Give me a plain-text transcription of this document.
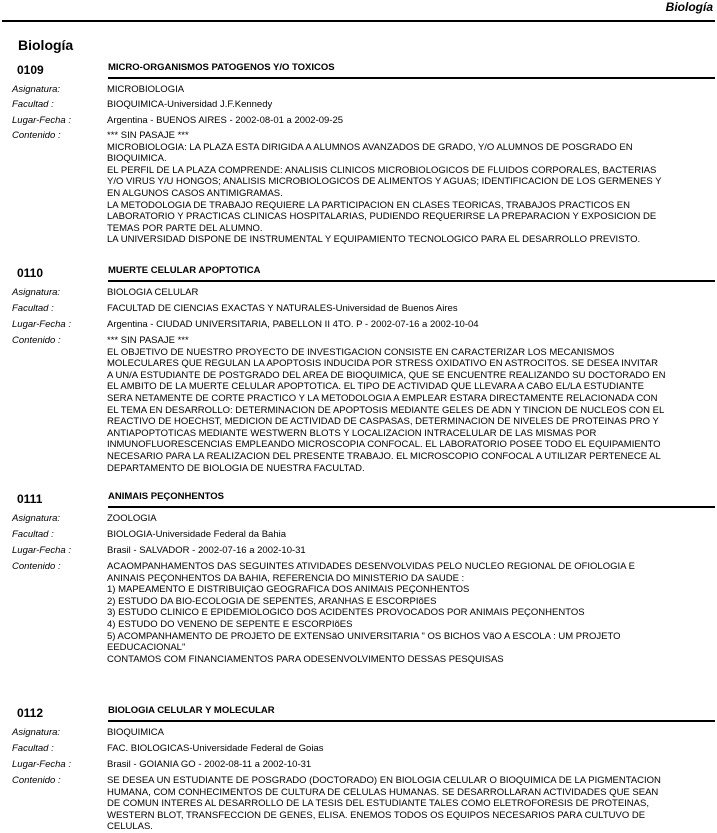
Biología
Biología
0109	MICRO-ORGANISMOS PATOGENOS Y/O TOXICOS
Asignatura:	MICROBIOLOGIA
Facultad :	BIOQUIMICA-Universidad J.F.Kennedy
Lugar-Fecha :	Argentina - BUENOS AIRES - 2002-08-01 a 2002-09-25
Contenido :	*** SIN PASAJE ***
MICROBIOLOGIA: LA PLAZA ESTA DIRIGIDA A ALUMNOS AVANZADOS DE GRADO, Y/O ALUMNOS DE POSGRADO EN
BIOQUIMICA.
EL PERFIL DE LA PLAZA COMPRENDE: ANALISIS CLINICOS MICROBIOLOGICOS DE FLUIDOS CORPORALES, BACTERIAS
Y/O VIRUS Y/U HONGOS; ANALISIS MICROBIOLOGICOS DE ALIMENTOS Y AGUAS; IDENTIFICACION DE LOS GERMENES Y
EN ALGUNOS CASOS ANTIMIGRAMAS.
LA METODOLOGIA DE TRABAJO REQUIERE LA PARTICIPACION EN CLASES TEORICAS, TRABAJOS PRACTICOS EN
LABORATORIO Y PRACTICAS CLINICAS HOSPITALARIAS, PUDIENDO REQUERIRSE LA PREPARACION Y EXPOSICION DE
TEMAS POR PARTE DEL ALUMNO.
LA UNIVERSIDAD DISPONE DE INSTRUMENTAL Y EQUIPAMIENTO TECNOLOGICO PARA EL DESARROLLO PREVISTO.
0110	MUERTE CELULAR APOPTOTICA
Asignatura:	BIOLOGIA CELULAR
Facultad :	FACULTAD DE CIENCIAS EXACTAS Y NATURALES-Universidad de Buenos Aires
Lugar-Fecha :	Argentina - CIUDAD UNIVERSITARIA, PABELLON II 4TO. P - 2002-07-16 a 2002-10-04
Contenido :	*** SIN PASAJE ***
EL OBJETIVO DE NUESTRO PROYECTO DE INVESTIGACION CONSISTE EN CARACTERIZAR LOS MECANISMOS
MOLECULARES QUE REGULAN LA APOPTOSIS INDUCIDA POR STRESS OXIDATIVO EN ASTROCITOS. SE DESEA INVITAR
A UN/A ESTUDIANTE DE POSTGRADO DEL AREA DE BIOQUIMICA, QUE SE ENCUENTRE REALIZANDO SU DOCTORADO EN
EL AMBITO DE LA MUERTE CELULAR APOPTOTICA. EL TIPO DE ACTIVIDAD QUE LLEVARA A CABO EL/LA ESTUDIANTE
SERA NETAMENTE DE CORTE PRACTICO Y LA METODOLOGIA A EMPLEAR ESTARA DIRECTAMENTE RELACIONADA CON
EL TEMA EN DESARROLLO: DETERMINACION DE APOPTOSIS MEDIANTE GELES DE ADN Y TINCION DE NUCLEOS CON EL
REACTIVO DE HOECHST, MEDICION DE ACTIVIDAD DE CASPASAS, DETERMINACION DE NIVELES DE PROTEINAS PRO Y
ANTIAPOPTOTICAS MEDIANTE WESTWERN BLOTS Y LOCALIZACION INTRACELULAR DE LAS MISMAS POR
INMUNOFLUORESCENCIAS EMPLEANDO MICROSCOPIA CONFOCAL. EL LABORATORIO POSEE TODO EL EQUIPAMIENTO
NECESARIO PARA LA REALIZACION DEL PRESENTE TRABAJO. EL MICROSCOPIO CONFOCAL A UTILIZAR PERTENECE AL
DEPARTAMENTO DE BIOLOGIA DE NUESTRA FACULTAD.
0111	ANIMAIS PEÇONHENTOS
Asignatura:	ZOOLOGIA
Facultad :	BIOLOGIA-Universidade Federal da Bahia
Lugar-Fecha :	Brasil - SALVADOR - 2002-07-16 a 2002-10-31
Contenido :	ACAOMPANHAMENTOS DAS SEGUINTES ATIVIDADES DESENVOLVIDAS PELO NUCLEO REGIONAL DE OFIOLOGIA E
ANINAIS PEÇONHENTOS DA BAHIA, REFERENCIA DO MINISTERIO DA SAUDE :
1) MAPEAMENTO E DISTRIBUIÇãO GEOGRAFICA DOS ANIMAIS PEÇONHENTOS
2) ESTUDO DA BIO-ECOLOGIA DE SEPENTES, ARANHAS E ESCORPIõES
3) ESTUDO CLINICO E EPIDEMIOLOGICO DOS ACIDENTES PROVOCADOS POR ANIMAIS PEÇONHENTOS
4) ESTUDO DO VENENO DE SEPENTE E ESCORPIõES
5) ACOMPANHAMENTO DE PROJETO DE EXTENSãO UNIVERSITARIA " OS BICHOS VãO A ESCOLA : UM PROJETO
EEDUCACIONAL"
CONTAMOS COM FINANCIAMENTOS PARA ODESENVOLVIMENTO DESSAS PESQUISAS
0112	BIOLOGIA CELULAR Y MOLECULAR
Asignatura:	BIOQUIMICA
Facultad :	FAC. BIOLOGICAS-Universidade Federal de Goias
Lugar-Fecha :	Brasil - GOIANIA GO - 2002-08-11 a 2002-10-31
Contenido :	SE DESEA UN ESTUDIANTE DE POSGRADO (DOCTORADO) EN BIOLOGIA CELULAR O BIOQUIMICA DE LA PIGMENTACION
HUMANA, COM CONHECIMENTOS DE CULTURA DE CELULAS HUMANAS. SE DESARROLLARAN ACTIVIDADES QUE SEAN
DE COMUN INTERES AL DESARROLLO DE LA TESIS DEL ESTUDIANTE TALES COMO ELETROFORESIS DE PROTEINAS,
WESTERN BLOT, TRANSFECCION DE GENES, ELISA. ENEMOS TODOS OS EQUIPOS NECESARIOS PARA CULTUVO DE
CELULAS.
